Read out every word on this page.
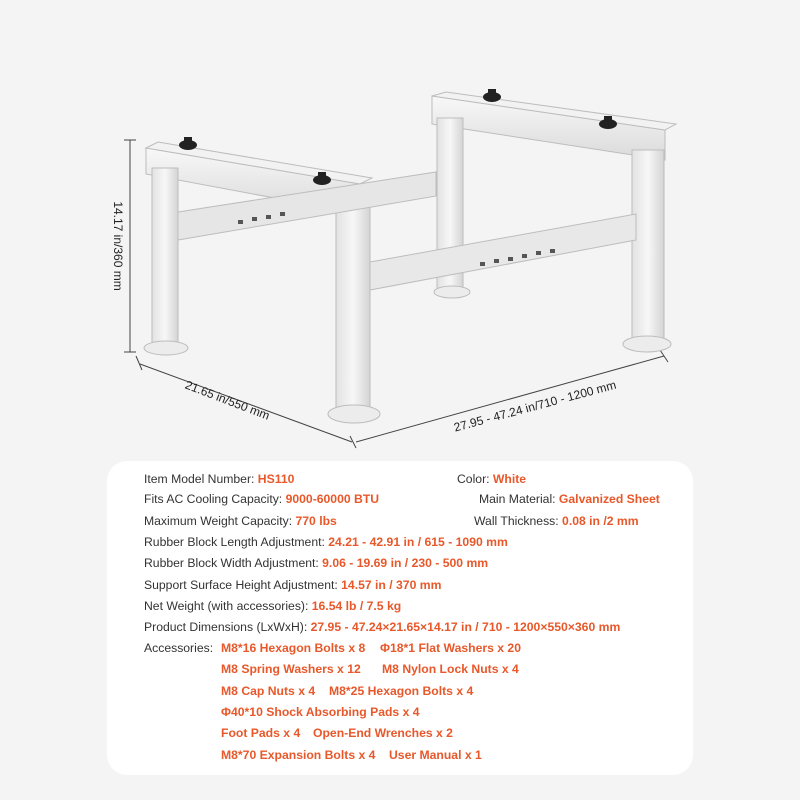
14.17 in/360 mm
21.65 in/550 mm	27.95 - 47.24 in/710 - 1200 mm
Item Model Number: HS110	Color: White
Fits AC Cooling Capacity: 9000-60000 BTU	Main Material: Galvanized Sheet
Maximum Weight Capacity: 770 lbs	Wall Thickness: 0.08 in /2 mm
Rubber Block Length Adjustment: 24.21 - 42.91 in / 615 - 1090 mm
Rubber Block Width Adjustment: 9.06 - 19.69 in / 230 - 500 mm
Support Surface Height Adjustment: 14.57 in / 370 mm
Net Weight (with accessories): 16.54 lb / 7.5 kg
Product Dimensions (LxWxH): 27.95 - 47.24×21.65×14.17 in / 710 - 1200×550×360 mm
Accessories: M8*16 Hexagon Bolts x 8 Φ18*1 Flat Washers x 20
M8 Spring Washers x 12 M8 Nylon Lock Nuts x 4
M8 Cap Nuts x 4 M8*25 Hexagon Bolts x 4
Φ40*10 Shock Absorbing Pads x 4
Foot Pads x 4 Open-End Wrenches x 2
M8*70 Expansion Bolts x 4 User Manual x 1
